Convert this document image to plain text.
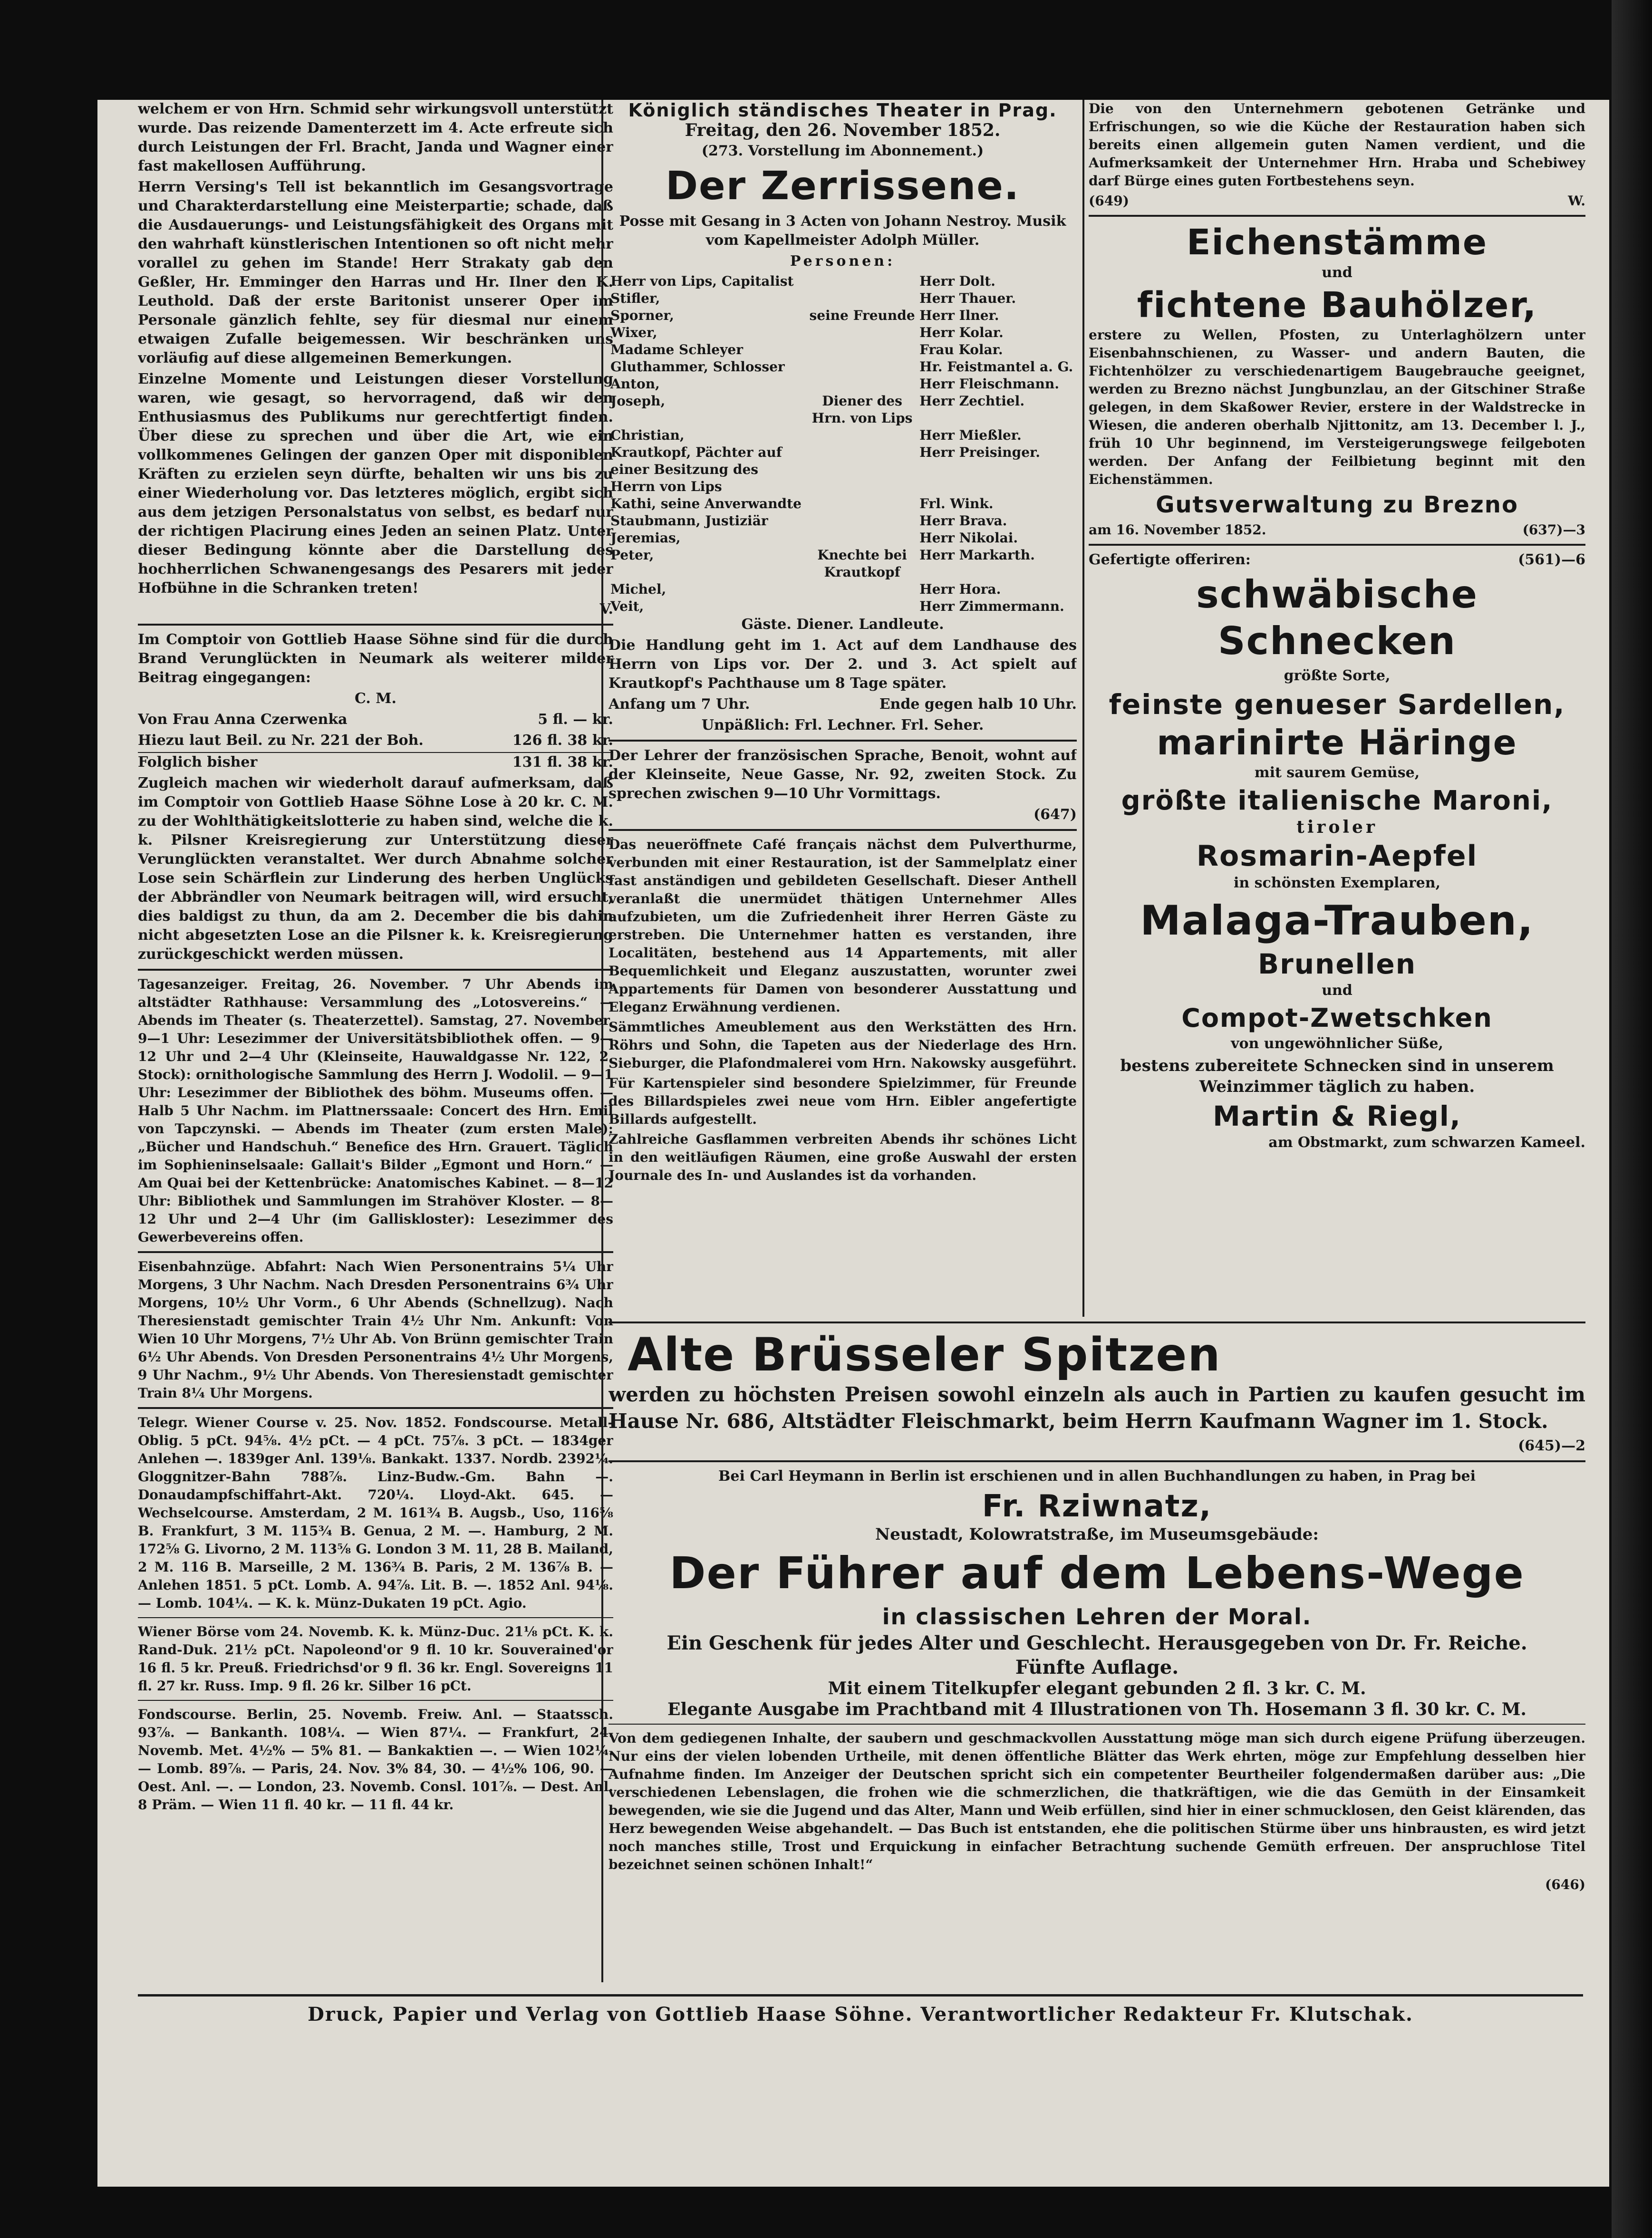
welchem er von Hrn. Schmid sehr wirkungsvoll unterstützt wurde. Das reizende Damenterzett im 4. Acte erfreute sich durch Leistungen der Frl. Bracht, Janda und Wagner einer fast makellosen Aufführung.

Herrn Versing's Tell ist bekanntlich im Gesangsvortrage und Charakterdarstellung eine Meisterpartie; schade, daß die Ausdauerungs- und Leistungsfähigkeit des Organs mit den wahrhaft künstlerischen Intentionen so oft nicht mehr vorallel zu gehen im Stande! Herr Strakaty gab den Geßler, Hr. Emminger den Harras und Hr. Ilner den K. Leuthold. Daß der erste Baritonist unserer Oper im Personale gänzlich fehlte, sey für diesmal nur einem etwaigen Zufalle beigemessen. Wir beschränken uns vorläufig auf diese allgemeinen Bemerkungen.

Einzelne Momente und Leistungen dieser Vorstellung waren, wie gesagt, so hervorragend, daß wir den Enthusiasmus des Publikums nur gerechtfertigt finden. Über diese zu sprechen und über die Art, wie ein vollkommenes Gelingen der ganzen Oper mit disponiblen Kräften zu erzielen seyn dürfte, behalten wir uns bis zu einer Wiederholung vor. Das letzteres möglich, ergibt sich aus dem jetzigen Personalstatus von selbst, es bedarf nur der richtigen Placirung eines Jeden an seinen Platz. Unter dieser Bedingung könnte aber die Darstellung des hochherrlichen Schwanengesangs des Pesarers mit jeder Hofbühne in die Schranken treten!

V.

Im Comptoir von Gottlieb Haase Söhne sind für die durch Brand Verunglückten in Neumark als weiterer milder Beitrag eingegangen:

C. M.

Von Frau Anna Czerwenka	5 fl. — kr.
Hiezu laut Beil. zu Nr. 221 der Boh.	126 fl. 38 kr.
Folglich bisher	131 fl. 38 kr.

Zugleich machen wir wiederholt darauf aufmerksam, daß im Comptoir von Gottlieb Haase Söhne Lose à 20 kr. C. M. zu der Wohlthätigkeitslotterie zu haben sind, welche die k. k. Pilsner Kreisregierung zur Unterstützung dieser Verunglückten veranstaltet. Wer durch Abnahme solcher Lose sein Schärflein zur Linderung des herben Unglücks der Abbrändler von Neumark beitragen will, wird ersucht, dies baldigst zu thun, da am 2. December die bis dahin nicht abgesetzten Lose an die Pilsner k. k. Kreisregierung zurückgeschickt werden müssen.

Tagesanzeiger. Freitag, 26. November. 7 Uhr Abends im altstädter Rathhause: Versammlung des „Lotosvereins.“ — Abends im Theater (s. Theaterzettel). Samstag, 27. November. 9—1 Uhr: Lesezimmer der Universitätsbibliothek offen. — 9—12 Uhr und 2—4 Uhr (Kleinseite, Hauwaldgasse Nr. 122, 2. Stock): ornithologische Sammlung des Herrn J. Wodolil. — 9—1 Uhr: Lesezimmer der Bibliothek des böhm. Museums offen. — Halb 5 Uhr Nachm. im Plattnerssaale: Concert des Hrn. Emil von Tapczynski. — Abends im Theater (zum ersten Male): „Bücher und Handschuh.“ Benefice des Hrn. Grauert. Täglich im Sophieninselsaale: Gallait's Bilder „Egmont und Horn.“ — Am Quai bei der Kettenbrücke: Anatomisches Kabinet. — 8—12 Uhr: Bibliothek und Sammlungen im Strahöver Kloster. — 8—12 Uhr und 2—4 Uhr (im Galliskloster): Lesezimmer des Gewerbevereins offen.

Eisenbahnzüge. Abfahrt: Nach Wien Personentrains 5¼ Uhr Morgens, 3 Uhr Nachm. Nach Dresden Personentrains 6¾ Uhr Morgens, 10½ Uhr Vorm., 6 Uhr Abends (Schnellzug). Nach Theresienstadt gemischter Train 4½ Uhr Nm. Ankunft: Von Wien 10 Uhr Morgens, 7½ Uhr Ab. Von Brünn gemischter Train 6½ Uhr Abends. Von Dresden Personentrains 4½ Uhr Morgens, 9 Uhr Nachm., 9½ Uhr Abends. Von Theresienstadt gemischter Train 8¼ Uhr Morgens.

Telegr. Wiener Course v. 25. Nov. 1852. Fondscourse. Metall-Oblig. 5 pCt. 94⅝. 4½ pCt. — 4 pCt. 75⅞. 3 pCt. — 1834ger Anlehen —. 1839ger Anl. 139⅛. Bankakt. 1337. Nordb. 2392¼. Gloggnitzer-Bahn 788⅞. Linz-Budw.-Gm. Bahn —. Donaudampfschiffahrt-Akt. 720¼. Lloyd-Akt. 645. — Wechselcourse. Amsterdam, 2 M. 161¾ B. Augsb., Uso, 116⅝ B. Frankfurt, 3 M. 115¾ B. Genua, 2 M. —. Hamburg, 2 M. 172⅝ G. Livorno, 2 M. 113⅝ G. London 3 M. 11, 28 B. Mailand, 2 M. 116 B. Marseille, 2 M. 136¾ B. Paris, 2 M. 136⅞ B. — Anlehen 1851. 5 pCt. Lomb. A. 94⅞. Lit. B. —. 1852 Anl. 94⅛. — Lomb. 104¼. — K. k. Münz-Dukaten 19 pCt. Agio.

Wiener Börse vom 24. Novemb. K. k. Münz-Duc. 21⅛ pCt. K. k. Rand-Duk. 21½ pCt. Napoleond'or 9 fl. 10 kr. Souverained'or 16 fl. 5 kr. Preuß. Friedrichsd'or 9 fl. 36 kr. Engl. Sovereigns 11 fl. 27 kr. Russ. Imp. 9 fl. 26 kr. Silber 16 pCt.

Fondscourse. Berlin, 25. Novemb. Freiw. Anl. — Staatssch. 93⅞. — Bankanth. 108¼. — Wien 87¼. — Frankfurt, 24. Novemb. Met. 4½% — 5% 81. — Bankaktien —. — Wien 102¼. — Lomb. 89⅞. — Paris, 24. Nov. 3% 84, 30. — 4½% 106, 90. — Oest. Anl. —. — London, 23. Novemb. Consl. 101⅞. — Dest. Anl. 8 Präm. — Wien 11 fl. 40 kr. — 11 fl. 44 kr.

Königlich ständisches Theater in Prag.

Freitag, den 26. November 1852.

(273. Vorstellung im Abonnement.)

Der Zerrissene.

Posse mit Gesang in 3 Acten von Johann Nestroy. Musik vom Kapellmeister Adolph Müller.

Personen:

Herr von Lips, Capitalist		Herr Dolt.
Stifler,		Herr Thauer.
Sporner,	seine Freunde	Herr Ilner.
Wixer,		Herr Kolar.
Madame Schleyer		Frau Kolar.
Gluthammer, Schlosser		Hr. Feistmantel a. G.
Anton,		Herr Fleischmann.
Joseph,	Diener des Hrn. von Lips	Herr Zechtiel.
Christian,		Herr Mießler.
Krautkopf, Pächter auf einer Besitzung des Herrn von Lips		Herr Preisinger.
Kathi, seine Anverwandte		Frl. Wink.
Staubmann, Justiziär		Herr Brava.
Jeremias,		Herr Nikolai.
Peter,	Knechte bei Krautkopf	Herr Markarth.
Michel,		Herr Hora.
Veit,		Herr Zimmermann.

Gäste. Diener. Landleute.

Die Handlung geht im 1. Act auf dem Landhause des Herrn von Lips vor. Der 2. und 3. Act spielt auf Krautkopf's Pachthause um 8 Tage später.

Anfang um 7 Uhr.	Ende gegen halb 10 Uhr.

Unpäßlich: Frl. Lechner. Frl. Seher.

Der Lehrer der französischen Sprache, Benoit, wohnt auf der Kleinseite, Neue Gasse, Nr. 92, zweiten Stock. Zu sprechen zwischen 9—10 Uhr Vormittags.

(647)

Das neueröffnete Café français nächst dem Pulverthurme, verbunden mit einer Restauration, ist der Sammelplatz einer fast anständigen und gebildeten Gesellschaft. Dieser Anthell veranlaßt die unermüdet thätigen Unternehmer Alles aufzubieten, um die Zufriedenheit ihrer Herren Gäste zu erstreben. Die Unternehmer hatten es verstanden, ihre Localitäten, bestehend aus 14 Appartements, mit aller Bequemlichkeit und Eleganz auszustatten, worunter zwei Appartements für Damen von besonderer Ausstattung und Eleganz Erwähnung verdienen.

Sämmtliches Ameublement aus den Werkstätten des Hrn. Röhrs und Sohn, die Tapeten aus der Niederlage des Hrn. Sieburger, die Plafondmalerei vom Hrn. Nakowsky ausgeführt.

Für Kartenspieler sind besondere Spielzimmer, für Freunde des Billardspieles zwei neue vom Hrn. Eibler angefertigte Billards aufgestellt.

Zahlreiche Gasflammen verbreiten Abends ihr schönes Licht in den weitläufigen Räumen, eine große Auswahl der ersten Journale des In- und Auslandes ist da vorhanden.

Die von den Unternehmern gebotenen Getränke und Erfrischungen, so wie die Küche der Restauration haben sich bereits einen allgemein guten Namen verdient, und die Aufmerksamkeit der Unternehmer Hrn. Hraba und Schebiwey darf Bürge eines guten Fortbestehens seyn.

(649)	W.

Eichenstämme

und

fichtene Bauhölzer,

erstere zu Wellen, Pfosten, zu Unterlaghölzern unter Eisenbahnschienen, zu Wasser- und andern Bauten, die Fichtenhölzer zu verschiedenartigem Baugebrauche geeignet, werden zu Brezno nächst Jungbunzlau, an der Gitschiner Straße gelegen, in dem Skaßower Revier, erstere in der Waldstrecke in Wiesen, die anderen oberhalb Njittonitz, am 13. December l. J., früh 10 Uhr beginnend, im Versteigerungswege feilgeboten werden. Der Anfang der Feilbietung beginnt mit den Eichenstämmen.

Gutsverwaltung zu Brezno

am 16. November 1852.	(637)—3
Gefertigte offeriren:	(561)—6

schwäbische Schnecken

größte Sorte,

feinste genueser Sardellen,

marinirte Häringe

mit saurem Gemüse,

größte italienische Maroni,

tiroler

Rosmarin-Aepfel

in schönsten Exemplaren,

Malaga-Trauben,

Brunellen

und

Compot-Zwetschken

von ungewöhnlicher Süße,

bestens zubereitete Schnecken sind in unserem Weinzimmer täglich zu haben.

Martin & Riegl,

am Obstmarkt, zum schwarzen Kameel.

Alte Brüsseler Spitzen

werden zu höchsten Preisen sowohl einzeln als auch in Partien zu kaufen gesucht im Hause Nr. 686, Altstädter Fleischmarkt, beim Herrn Kaufmann Wagner im 1. Stock.

(645)—2

Bei Carl Heymann in Berlin ist erschienen und in allen Buchhandlungen zu haben, in Prag bei

Fr. Rziwnatz,

Neustadt, Kolowratstraße, im Museumsgebäude:

Der Führer auf dem Lebens-Wege

in classischen Lehren der Moral.

Ein Geschenk für jedes Alter und Geschlecht. Herausgegeben von Dr. Fr. Reiche.

Fünfte Auflage.

Mit einem Titelkupfer elegant gebunden 2 fl. 3 kr. C. M.

Elegante Ausgabe im Prachtband mit 4 Illustrationen von Th. Hosemann 3 fl. 30 kr. C. M.

Von dem gediegenen Inhalte, der saubern und geschmackvollen Ausstattung möge man sich durch eigene Prüfung überzeugen. Nur eins der vielen lobenden Urtheile, mit denen öffentliche Blätter das Werk ehrten, möge zur Empfehlung desselben hier Aufnahme finden. Im Anzeiger der Deutschen spricht sich ein competenter Beurtheiler folgendermaßen darüber aus: „Die verschiedenen Lebenslagen, die frohen wie die schmerzlichen, die thatkräftigen, wie die das Gemüth in der Einsamkeit bewegenden, wie sie die Jugend und das Alter, Mann und Weib erfüllen, sind hier in einer schmucklosen, den Geist klärenden, das Herz bewegenden Weise abgehandelt. — Das Buch ist entstanden, ehe die politischen Stürme über uns hinbrausten, es wird jetzt noch manches stille, Trost und Erquickung in einfacher Betrachtung suchende Gemüth erfreuen. Der anspruchlose Titel bezeichnet seinen schönen Inhalt!“

(646)

Druck, Papier und Verlag von Gottlieb Haase Söhne. Verantwortlicher Redakteur Fr. Klutschak.
